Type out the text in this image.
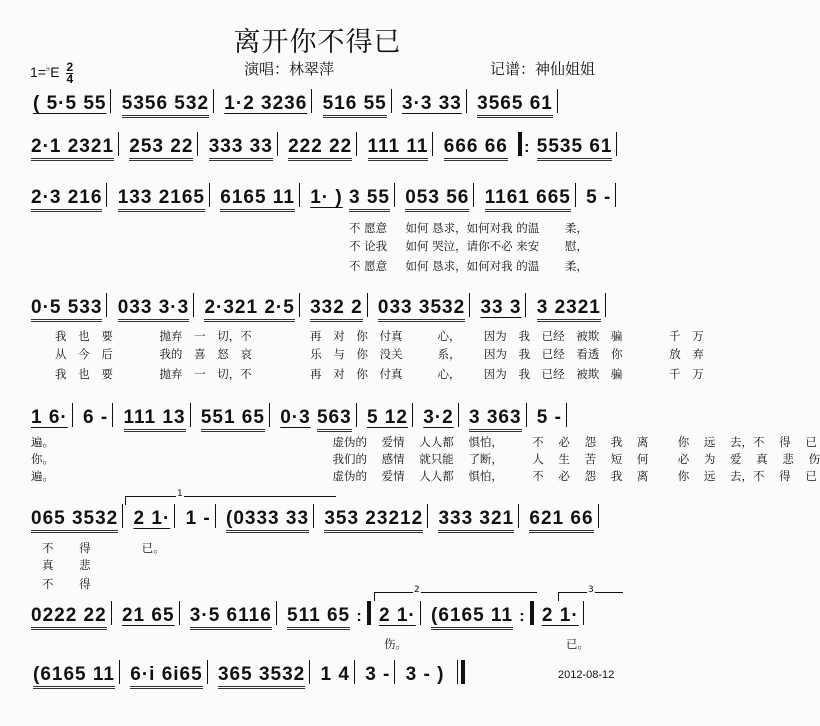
离开你不得已
演唱：林翠萍	记谱：神仙姐姐
$1=^♭E \frac{2}{4}$
( 5·5 55 5356 532 1·2 3236 516 55 3·3 33 3565 61
2·1 2321 253 22 333 33 222 22 111 11 666 66 : 5535 61
2·3 216 133 2165 6165 11 1· ) 3 55 053 56 1161 665 5 -
不 愿意 如何 恳求，如何对我 的温 柔，
不 论我 如何 哭泣，请你不必 来安 慰，
不 愿意 如何 恳求，如何对我 的温 柔，
0·5 533 033 3·3 2·321 2·5 332 2 033 3532 33 3 3 2321
我 也 要	抛弃 一 切，不	再 对 你 付真	心， 因为 我 已经 被欺 骗	千 万
从 今 后	我的 喜 怒 哀	乐 与 你 没关	系， 因为 我 已经 看透 你	放 弃
我 也 要	抛弃 一 切，不	再 对 你 付真	心， 因为 我 已经 被欺 骗	千 万
1 6· 6 - 111 13 551 65 0·3 563 5 12 3·2 3 363 5 -
遍。	虚伪的 爱情 人人都 惧怕，	不 必 怨 我 离	你 远 去，不 得 已
你。	我们的 感情 就只能 了断，	人 生 苦 短 何	必 为 爱 真 悲 伤
遍。	虚伪的 爱情 人人都 惧怕，	不 必 怨 我 离	你 远 去，不 得 已
1
065 3532 2 1· 1 - (0333 33 353 23212 333 321 621 66
不 得	已。
真 悲
不 得	2	3
0222 22 21 65 3·5 6116 511 65 : 2 1· (6165 11 : 2 1·
伤。	已。
(6165 11 6·i 6i65 365 3532 1 4 3 - 3 - )	2012-08-12
